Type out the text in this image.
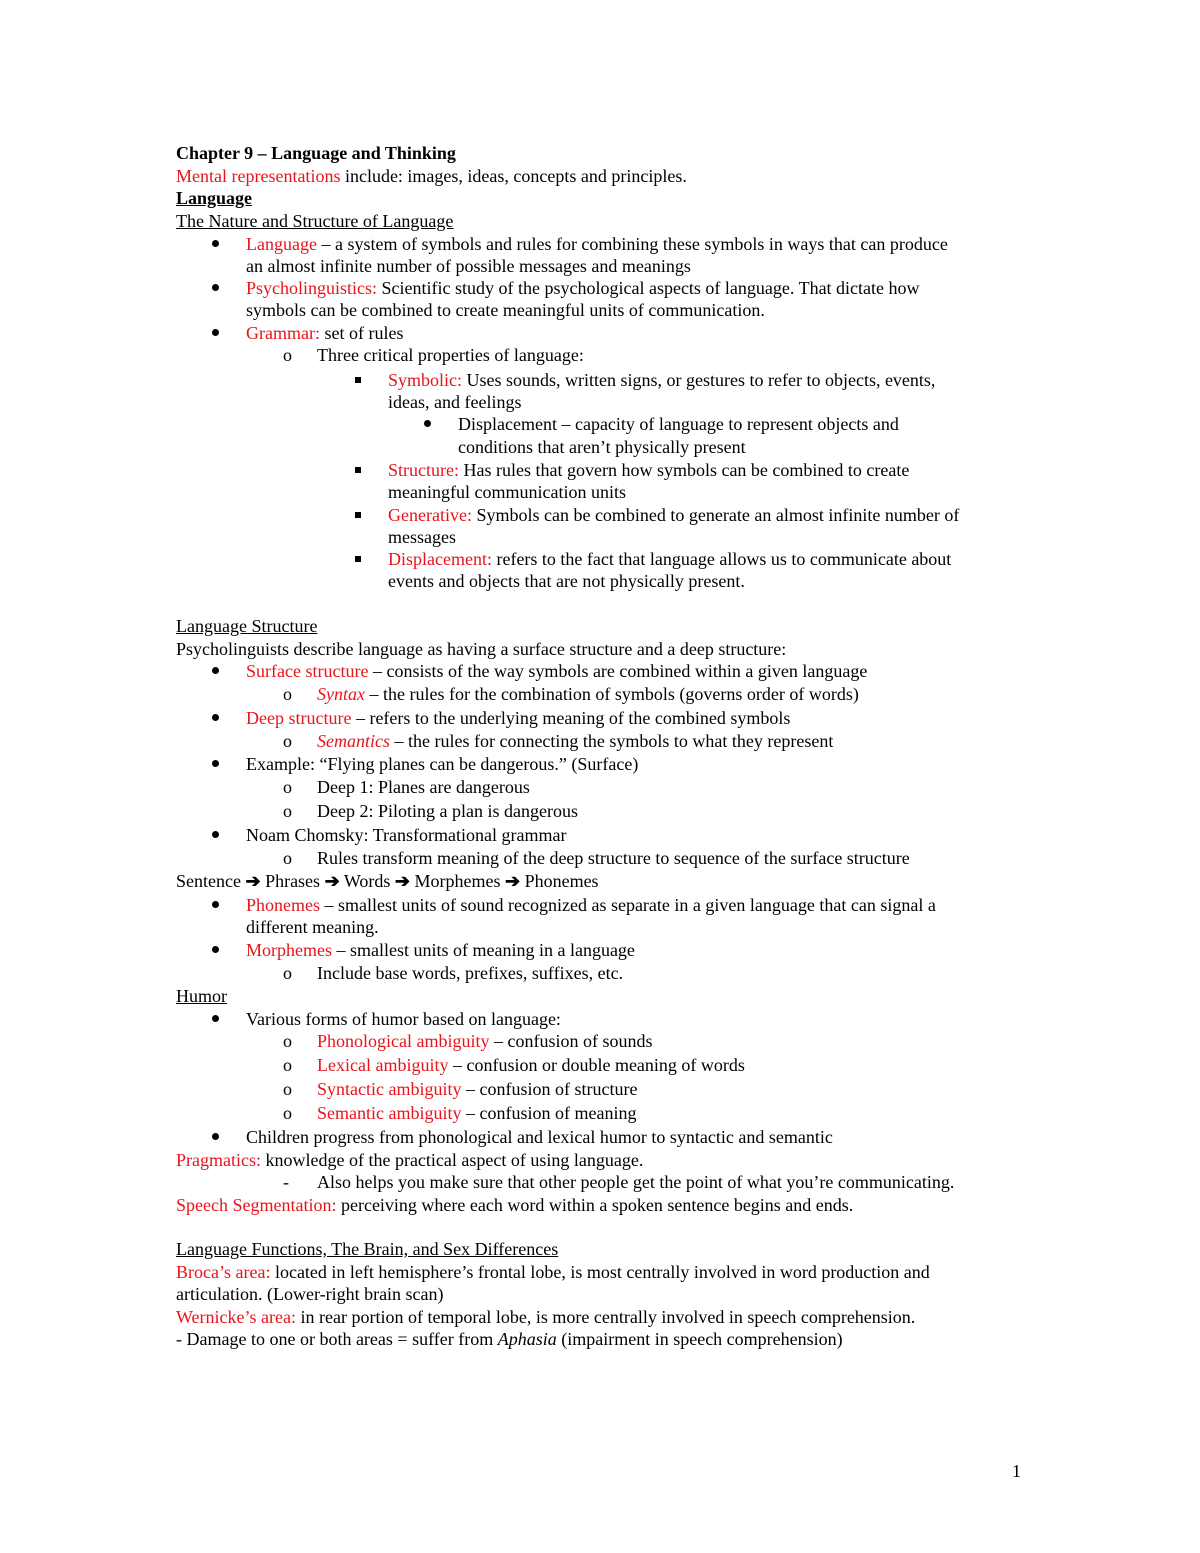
Chapter 9 – Language and Thinking
Mental representations include: images, ideas, concepts and principles.
Language
The Nature and Structure of Language
Language – a system of symbols and rules for combining these symbols in ways that can produce
an almost infinite number of possible messages and meanings
Psycholinguistics: Scientific study of the psychological aspects of language. That dictate how
symbols can be combined to create meaningful units of communication.
Grammar: set of rules
o Three critical properties of language:
Symbolic: Uses sounds, written signs, or gestures to refer to objects, events,
ideas, and feelings
Displacement – capacity of language to represent objects and
conditions that aren’t physically present
Structure: Has rules that govern how symbols can be combined to create
meaningful communication units
Generative: Symbols can be combined to generate an almost infinite number of
messages
Displacement: refers to the fact that language allows us to communicate about
events and objects that are not physically present.
Language Structure
Psycholinguists describe language as having a surface structure and a deep structure:
Surface structure – consists of the way symbols are combined within a given language
o Syntax – the rules for the combination of symbols (governs order of words)
Deep structure – refers to the underlying meaning of the combined symbols
o Semantics – the rules for connecting the symbols to what they represent
Example: “Flying planes can be dangerous.” (Surface)
o Deep 1: Planes are dangerous
o Deep 2: Piloting a plan is dangerous
Noam Chomsky: Transformational grammar
o Rules transform meaning of the deep structure to sequence of the surface structure
Sentence ➔ Phrases ➔ Words ➔ Morphemes ➔ Phonemes
Phonemes – smallest units of sound recognized as separate in a given language that can signal a
different meaning.
Morphemes – smallest units of meaning in a language
o Include base words, prefixes, suffixes, etc.
Humor
Various forms of humor based on language:
o Phonological ambiguity – confusion of sounds
o Lexical ambiguity – confusion or double meaning of words
o Syntactic ambiguity – confusion of structure
o Semantic ambiguity – confusion of meaning
Children progress from phonological and lexical humor to syntactic and semantic
Pragmatics: knowledge of the practical aspect of using language.
- Also helps you make sure that other people get the point of what you’re communicating.
Speech Segmentation: perceiving where each word within a spoken sentence begins and ends.
Language Functions, The Brain, and Sex Differences
Broca’s area: located in left hemisphere’s frontal lobe, is most centrally involved in word production and
articulation. (Lower-right brain scan)
Wernicke’s area: in rear portion of temporal lobe, is more centrally involved in speech comprehension.
- Damage to one or both areas = suffer from Aphasia (impairment in speech comprehension)
1
